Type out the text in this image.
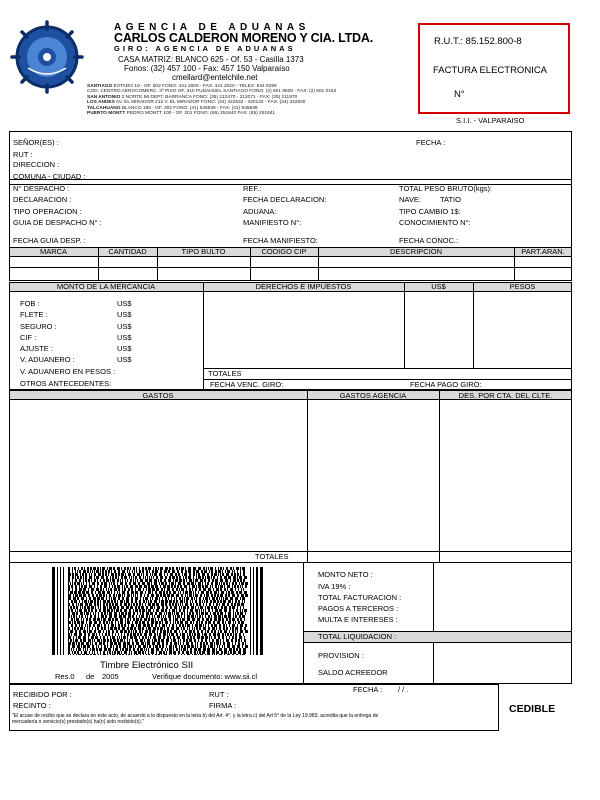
AGENCIA DE ADUANAS
CARLOS CALDERON MORENO Y CIA. LTDA.
GIRO: AGENCIA DE ADUANAS
CASA MATRIZ: BLANCO 625 - Of. 53 - Casilla 1373
Fonos: (32) 457 100 - Fax: 457 150 Valparaíso
cmellard@entelchile.net
SANTIAGO ESTADO 10 - OF. 502 FONO: 441 2000 - FAX: 441 2020 - TELEX: 634 6299
COD. CENTRO AEROCOMERC. 3º PISO OF. 310 PUDAHUEL SANTIAGO FONO: (2) 601 9500 - FAX: (2) 601 0163
SAN ANTONIO 2 NORTE 58 DEPT. BARRANCA FONO: (35) 212470 - 212071 - FAX: (35) 211970
LOS ANDES AV. EL MIRADOR 212 V. EL MIRADOR FONO: (34) 422832 - 420132 - FAX: (34) 422830
TALCAHUANO BLANCO 186 - OF. 302 FONO: (41) 545838 - FAX: (41) 545838
PUERTO MONTT PEDRO MONTT 100 - OF. 201 FONO: (65) 251840 FAX: (65) 251841
R.U.T.: 85.152.800-8
FACTURA ELECTRONICA
N°
S.I.I. - VALPARAISO
SEÑOR(ES) :	FECHA :
RUT :
DIRECCION :
COMUNA - CIUDAD :
N° DESPACHO :
DECLARACION :
TIPO OPERACION :
GUIA DE DESPACHO N° :
FECHA GUIA DESP. :
REF.:
FECHA DECLARACION:
ADUANA:
MANIFIESTO N°:
FECHA MANIFIESTO:
TOTAL PESO BRUTO(kgs):
NAVE:	TATIO
TIPO CAMBIO 1$:
CONOCIMIENTO N°:
FECHA CONOC.:
MARCA	CANTIDAD	TIPO BULTO	CODIGO CIP	DESCRIPCION	PART.ARAN.
MONTO DE LA MERCANCIA	DERECHOS E IMPUESTOS	US$	PESOS
FOB :	US$
FLETE :	US$
SEGURO :	US$
CIF :	US$
AJUSTE :	US$
V. ADUANERO :	US$
V. ADUANERO EN PESOS :
OTROS ANTECEDENTES:
TOTALES
FECHA VENC. GIRO:	FECHA PAGO GIRO:
GASTOS	GASTOS AGENCIA	DES. POR CTA. DEL CLTE.
TOTALES
Timbre Electrónico SII
Res.0 de 2005	Verifique documento: www.sii.cl
MONTO NETO :
IVA 19% :
TOTAL FACTURACION :
PAGOS A TERCEROS :
MULTA E INTERESES :
TOTAL LIQUIDACION :
PROVISION :
SALDO ACREEDOR
FECHA : / / .
RECIBIDO POR :	RUT :
RECINTO :	FIRMA :
"El acuse de recibo que se declara en este acto, de acuerdo a lo dispuesto en la letra b) del Art. 4°, y la letra c) del Art 5° de la Ley 19.983, acredita que la entrega de
mercadería o servicio(s) prestado(s) ha(n) sido recibido(s)."
CEDIBLE
